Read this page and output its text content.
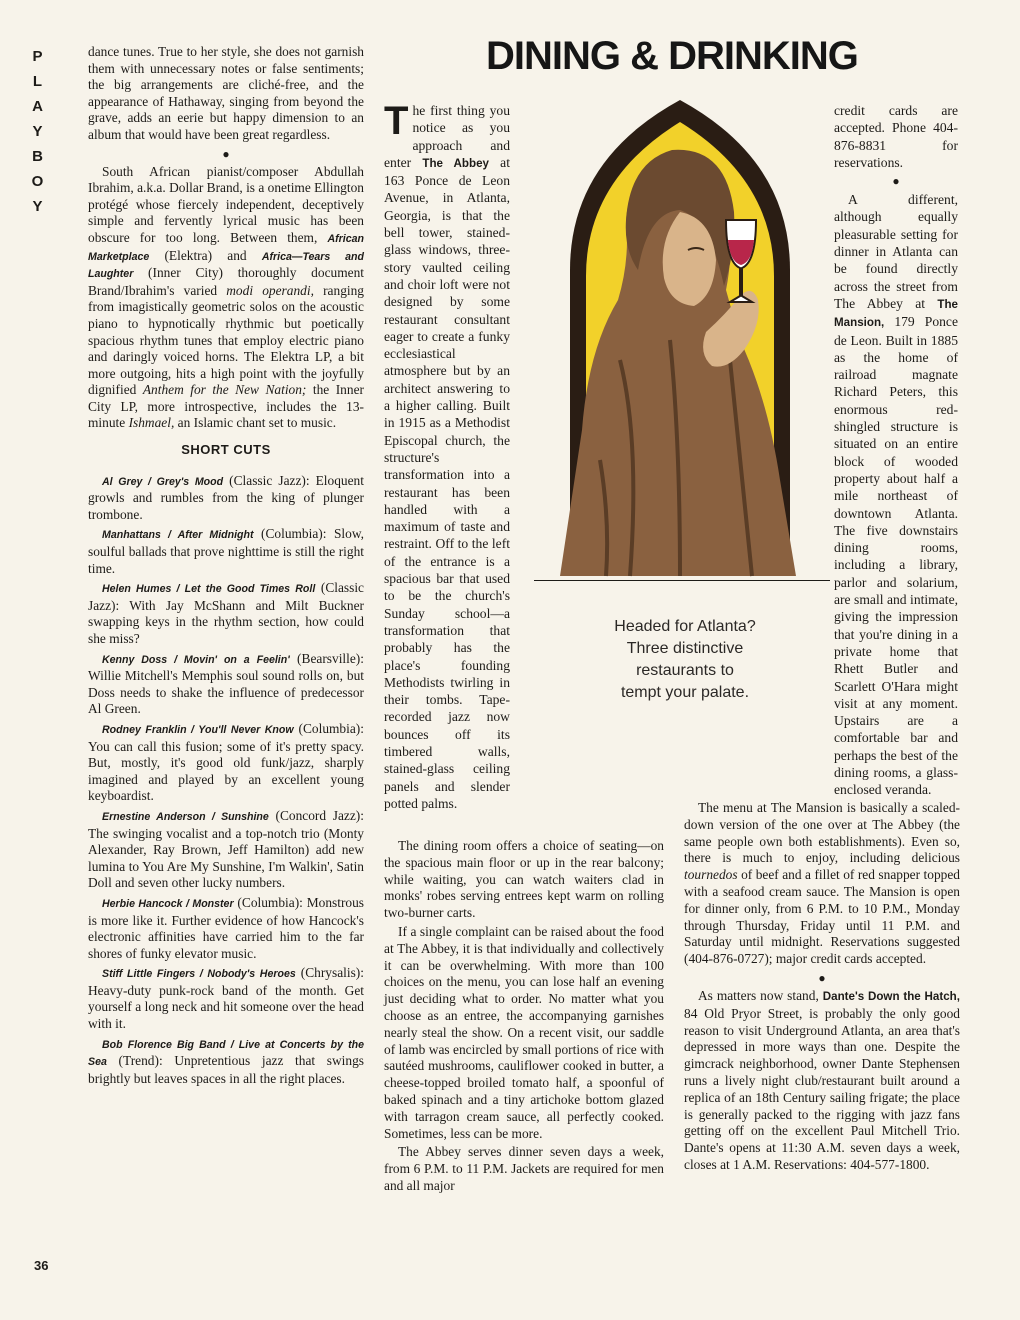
P
L
A
Y
B
O
Y
36

dance tunes. True to her style, she does not garnish them with unnecessary notes or false sentiments; the big arrangements are cliché-free, and the appearance of Hathaway, singing from beyond the grave, adds an eerie but happy dimension to an album that would have been great regardless.

●

South African pianist/composer Abdullah Ibrahim, a.k.a. Dollar Brand, is a onetime Ellington protégé whose fiercely independent, deceptively simple and fervently lyrical music has been obscure for too long. Between them, African Marketplace (Elektra) and Africa—Tears and Laughter (Inner City) thoroughly document Brand/Ibrahim's varied modi operandi, ranging from imagistically geometric solos on the acoustic piano to hypnotically rhythmic but poetically spacious rhythm tunes that employ electric piano and daringly voiced horns. The Elektra LP, a bit more outgoing, hits a high point with the joyfully dignified Anthem for the New Nation; the Inner City LP, more introspective, includes the 13-minute Ishmael, an Islamic chant set to music.

SHORT CUTS

Al Grey / Grey's Mood (Classic Jazz): Eloquent growls and rumbles from the king of plunger trombone.

Manhattans / After Midnight (Columbia): Slow, soulful ballads that prove nighttime is still the right time.

Helen Humes / Let the Good Times Roll (Classic Jazz): With Jay McShann and Milt Buckner swapping keys in the rhythm section, how could she miss?

Kenny Doss / Movin' on a Feelin' (Bearsville): Willie Mitchell's Memphis soul sound rolls on, but Doss needs to shake the influence of predecessor Al Green.

Rodney Franklin / You'll Never Know (Columbia): You can call this fusion; some of it's pretty spacy. But, mostly, it's good old funk/jazz, sharply imagined and played by an excellent young keyboardist.

Ernestine Anderson / Sunshine (Concord Jazz): The swinging vocalist and a top-notch trio (Monty Alexander, Ray Brown, Jeff Hamilton) add new lumina to You Are My Sunshine, I'm Walkin', Satin Doll and seven other lucky numbers.

Herbie Hancock / Monster (Columbia): Monstrous is more like it. Further evidence of how Hancock's electronic affinities have carried him to the far shores of funky elevator music.

Stiff Little Fingers / Nobody's Heroes (Chrysalis): Heavy-duty punk-rock band of the month. Get yourself a long neck and hit someone over the head with it.

Bob Florence Big Band / Live at Concerts by the Sea (Trend): Unpretentious jazz that swings brightly but leaves spaces in all the right places.

DINING & DRINKING
Headed for Atlanta?
Three distinctive
restaurants to
tempt your palate.

The first thing you notice as you approach and enter The Abbey at 163 Ponce de Leon Avenue, in Atlanta, Georgia, is that the bell tower, stained-glass windows, three-story vaulted ceiling and choir loft were not designed by some restaurant consultant eager to create a funky ecclesiastical atmosphere but by an architect answering to a higher calling. Built in 1915 as a Methodist Episcopal church, the structure's transformation into a restaurant has been handled with a maximum of taste and restraint. Off to the left of the entrance is a spacious bar that used to be the church's Sunday school—a transformation that probably has the place's founding Methodists twirling in their tombs. Tape-recorded jazz now bounces off its timbered walls, stained-glass ceiling panels and slender potted palms.

The dining room offers a choice of seating—on the spacious main floor or up in the rear balcony; while waiting, you can watch waiters clad in monks' robes serving entrees kept warm on rolling two-burner carts.

If a single complaint can be raised about the food at The Abbey, it is that individually and collectively it can be overwhelming. With more than 100 choices on the menu, you can lose half an evening just deciding what to order. No matter what you choose as an entree, the accompanying garnishes nearly steal the show. On a recent visit, our saddle of lamb was encircled by small portions of rice with sautéed mushrooms, cauliflower cooked in butter, a cheese-topped broiled tomato half, a spoonful of baked spinach and a tiny artichoke bottom glazed with tarragon cream sauce, all perfectly cooked. Sometimes, less can be more.

The Abbey serves dinner seven days a week, from 6 P.M. to 11 P.M. Jackets are required for men and all major

credit cards are accepted. Phone 404-876-8831 for reservations.

●

A different, although equally pleasurable setting for dinner in Atlanta can be found directly across the street from The Abbey at The Mansion, 179 Ponce de Leon. Built in 1885 as the home of railroad magnate Richard Peters, this enormous red-shingled structure is situated on an entire block of wooded property about half a mile northeast of downtown Atlanta. The five downstairs dining rooms, including a library, parlor and solarium, are small and intimate, giving the impression that you're dining in a private home that Rhett Butler and Scarlett O'Hara might visit at any moment. Upstairs are a comfortable bar and perhaps the best of the dining rooms, a glass-enclosed veranda.

The menu at The Mansion is basically a scaled-down version of the one over at The Abbey (the same people own both establishments). Even so, there is much to enjoy, including delicious tournedos of beef and a fillet of red snapper topped with a seafood cream sauce. The Mansion is open for dinner only, from 6 P.M. to 10 P.M., Monday through Thursday, Friday until 11 P.M. and Saturday until midnight. Reservations suggested (404-876-0727); major credit cards accepted.

●

As matters now stand, Dante's Down the Hatch, 84 Old Pryor Street, is probably the only good reason to visit Underground Atlanta, an area that's depressed in more ways than one. Despite the gimcrack neighborhood, owner Dante Stephensen runs a lively night club/restaurant built around a replica of an 18th Century sailing frigate; the place is generally packed to the rigging with jazz fans getting off on the excellent Paul Mitchell Trio. Dante's opens at 11:30 A.M. seven days a week, closes at 1 A.M. Reservations: 404-577-1800.
